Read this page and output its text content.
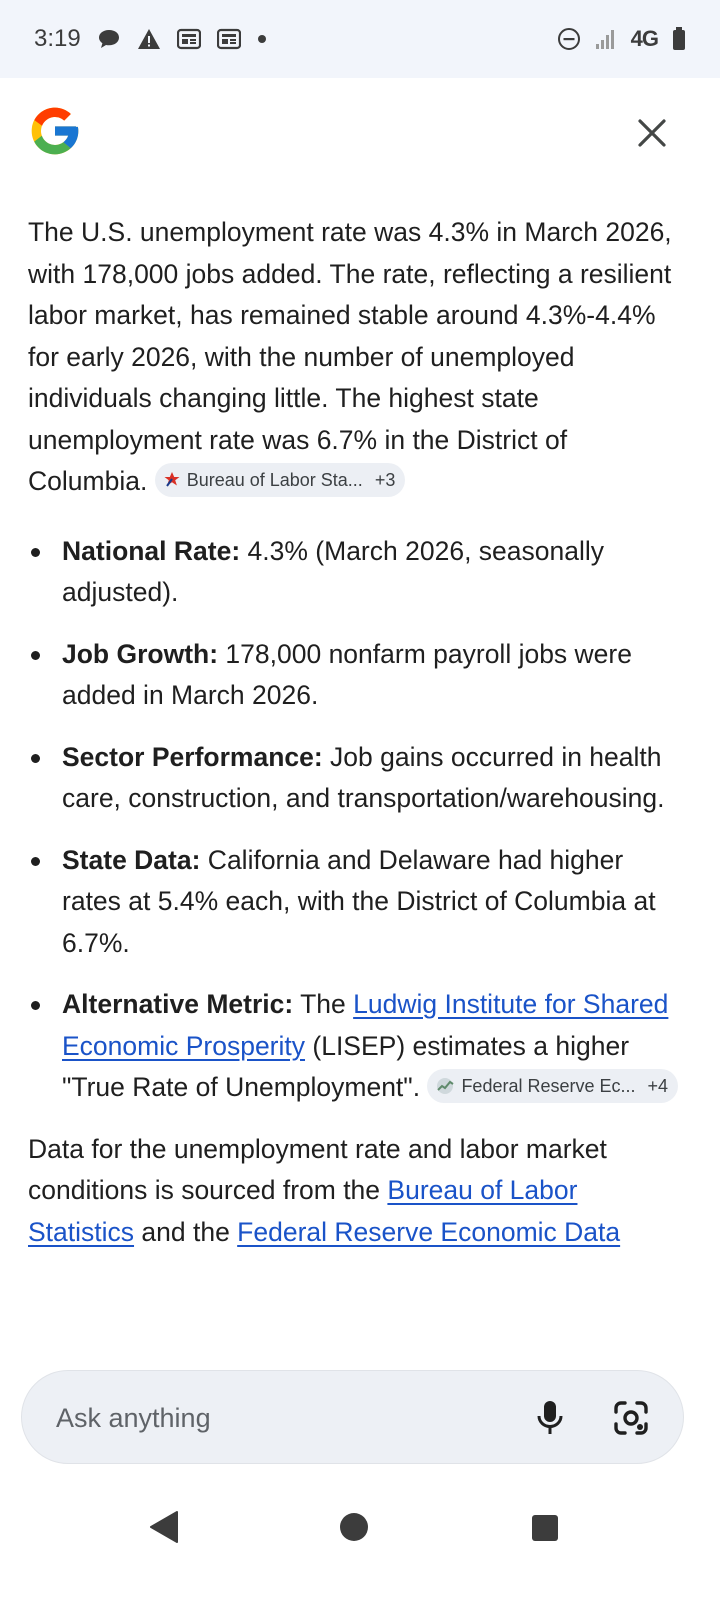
3:19	4G

The U.S. unemployment rate was 4.3% in March 2026, with 178,000 jobs added. The rate, reflecting a resilient labor market, has remained stable around 4.3%-4.4% for early 2026, with the number of unemployed individuals changing little. The highest state unemployment rate was 6.7% in the District of Columbia. Bureau of Labor Sta... +3

National Rate: 4.3% (March 2026, seasonally adjusted).
Job Growth: 178,000 nonfarm payroll jobs were added in March 2026.
Sector Performance: Job gains occurred in health care, construction, and transportation/warehousing.
State Data: California and Delaware had higher rates at 5.4% each, with the District of Columbia at 6.7%.
Alternative Metric: The Ludwig Institute for Shared Economic Prosperity (LISEP) estimates a higher "True Rate of Unemployment". Federal Reserve Ec... +4

Data for the unemployment rate and labor market conditions is sourced from the Bureau of Labor Statistics and the Federal Reserve Economic Data

Ask anything
